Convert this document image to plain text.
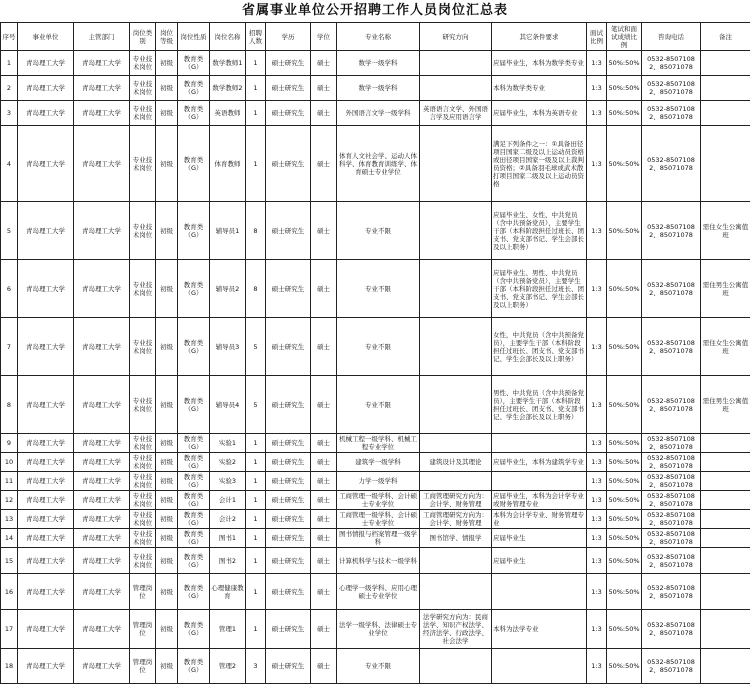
省属事业单位公开招聘工作人员岗位汇总表
序号	事业单位	主管部门	岗位类别	岗位等级	岗位性质	岗位名称	招聘人数	学历	学位	专业名称	研究方向	其它条件要求	面试比例	笔试和面试成绩比例	咨询电话	备注
1	青岛理工大学	青岛理工大学	专业技术岗位	初级	教育类（G）	数学教师1	1	硕士研究生	硕士	数学一级学科		应届毕业生，本科为数学类专业	1:3	50%:50%	0532-85071082、85071078	
2	青岛理工大学	青岛理工大学	专业技术岗位	初级	教育类（G）	数学教师2	1	硕士研究生	硕士	数学一级学科		本科为数学类专业	1:3	50%:50%	0532-85071082、85071078	
3	青岛理工大学	青岛理工大学	专业技术岗位	初级	教育类（G）	英语教师	1	硕士研究生	硕士	外国语言文学一级学科	英语语言文学、外国语言学及应用语言学	应届毕业生，本科为英语专业	1:3	50%:50%	0532-85071082、85071078	
4	青岛理工大学	青岛理工大学	专业技术岗位	初级	教育类（G）	体育教师	1	硕士研究生	硕士	体育人文社会学、运动人体科学、体育教育训练学、体育硕士专业学位		满足下列条件之一：①具备田径项目国家二级及以上运动员资格或田径项目国家一级及以上裁判员资格；②具备羽毛球或武术散打项目国家二级及以上运动员资格	1:3	50%:50%	0532-85071082、85071078	
5	青岛理工大学	青岛理工大学	专业技术岗位	初级	教育类（G）	辅导员1	8	硕士研究生	硕士	专业不限		应届毕业生、女性、中共党员（含中共预备党员），主要学生干部（本科阶段担任过班长、团支书、党支部书记、学生会部长及以上职务）	1:3	50%:50%	0532-85071082、85071078	需住女生公寓值班
6	青岛理工大学	青岛理工大学	专业技术岗位	初级	教育类（G）	辅导员2	8	硕士研究生	硕士	专业不限		应届毕业生、男性、中共党员（含中共预备党员），主要学生干部（本科阶段担任过班长、团支书、党支部书记、学生会部长及以上职务）	1:3	50%:50%	0532-85071082、85071078	需住男生公寓值班
7	青岛理工大学	青岛理工大学	专业技术岗位	初级	教育类（G）	辅导员3	5	硕士研究生	硕士	专业不限		女性，中共党员（含中共预备党员），主要学生干部（本科阶段担任过班长、团支书、党支部书记、学生会部长及以上职务）	1:3	50%:50%	0532-85071082、85071078	需住女生公寓值班
8	青岛理工大学	青岛理工大学	专业技术岗位	初级	教育类（G）	辅导员4	5	硕士研究生	硕士	专业不限		男性、中共党员（含中共预备党员），主要学生干部（本科阶段担任过班长、团支书、党支部书记、学生会部长及以上职务）	1:3	50%:50%	0532-85071082、85071078	需住男生公寓值班
9	青岛理工大学	青岛理工大学	专业技术岗位	初级	教育类（G）	实验1	1	硕士研究生	硕士	机械工程一级学科、机械工程专业学位			1:3	50%:50%	0532-85071082、85071078	
10	青岛理工大学	青岛理工大学	专业技术岗位	初级	教育类（G）	实验2	1	硕士研究生	硕士	建筑学一级学科	建筑设计及其理论	应届毕业生，本科为建筑学专业	1:3	50%:50%	0532-85071082、85071078	
11	青岛理工大学	青岛理工大学	专业技术岗位	初级	教育类（G）	实验3	1	硕士研究生	硕士	力学一级学科			1:3	50%:50%	0532-85071082、85071078	
12	青岛理工大学	青岛理工大学	专业技术岗位	初级	教育类（G）	会计1	1	硕士研究生	硕士	工商管理一级学科、会计硕士专业学位	工商管理研究方向为：会计学、财务管理	应届毕业生，本科为会计学专业或财务管理专业	1:3	50%:50%	0532-85071082、85071078	
13	青岛理工大学	青岛理工大学	专业技术岗位	初级	教育类（G）	会计2	1	硕士研究生	硕士	工商管理一级学科、会计硕士专业学位	工商管理研究方向为：会计学、财务管理	本科为会计学专业、财务管理专业	1:3	50%:50%	0532-85071082、85071078	
14	青岛理工大学	青岛理工大学	专业技术岗位	初级	教育类（G）	图书1	1	硕士研究生	硕士	图书情报与档案管理一级学科	图书馆学、情报学	应届毕业生	1:3	50%:50%	0532-85071082、85071078	
15	青岛理工大学	青岛理工大学	专业技术岗位	初级	教育类（G）	图书2	1	硕士研究生	硕士	计算机科学与技术一级学科		应届毕业生	1:3	50%:50%	0532-85071082、85071078	
16	青岛理工大学	青岛理工大学	管理岗位	初级	教育类（G）	心理健康教育	1	硕士研究生	硕士	心理学一级学科、应用心理硕士专业学位			1:3	50%:50%	0532-85071082、85071078	
17	青岛理工大学	青岛理工大学	管理岗位	初级	教育类（G）	管理1	1	硕士研究生	硕士	法学一级学科、法律硕士专业学位	法学研究方向为：民商法学、知识产权法学、经济法学、行政法学、社会法学	本科为法学专业	1:3	50%:50%	0532-85071082、85071078	
18	青岛理工大学	青岛理工大学	管理岗位	初级	教育类（G）	管理2	3	硕士研究生	硕士	专业不限			1:3	50%:50%	0532-85071082、85071078	
